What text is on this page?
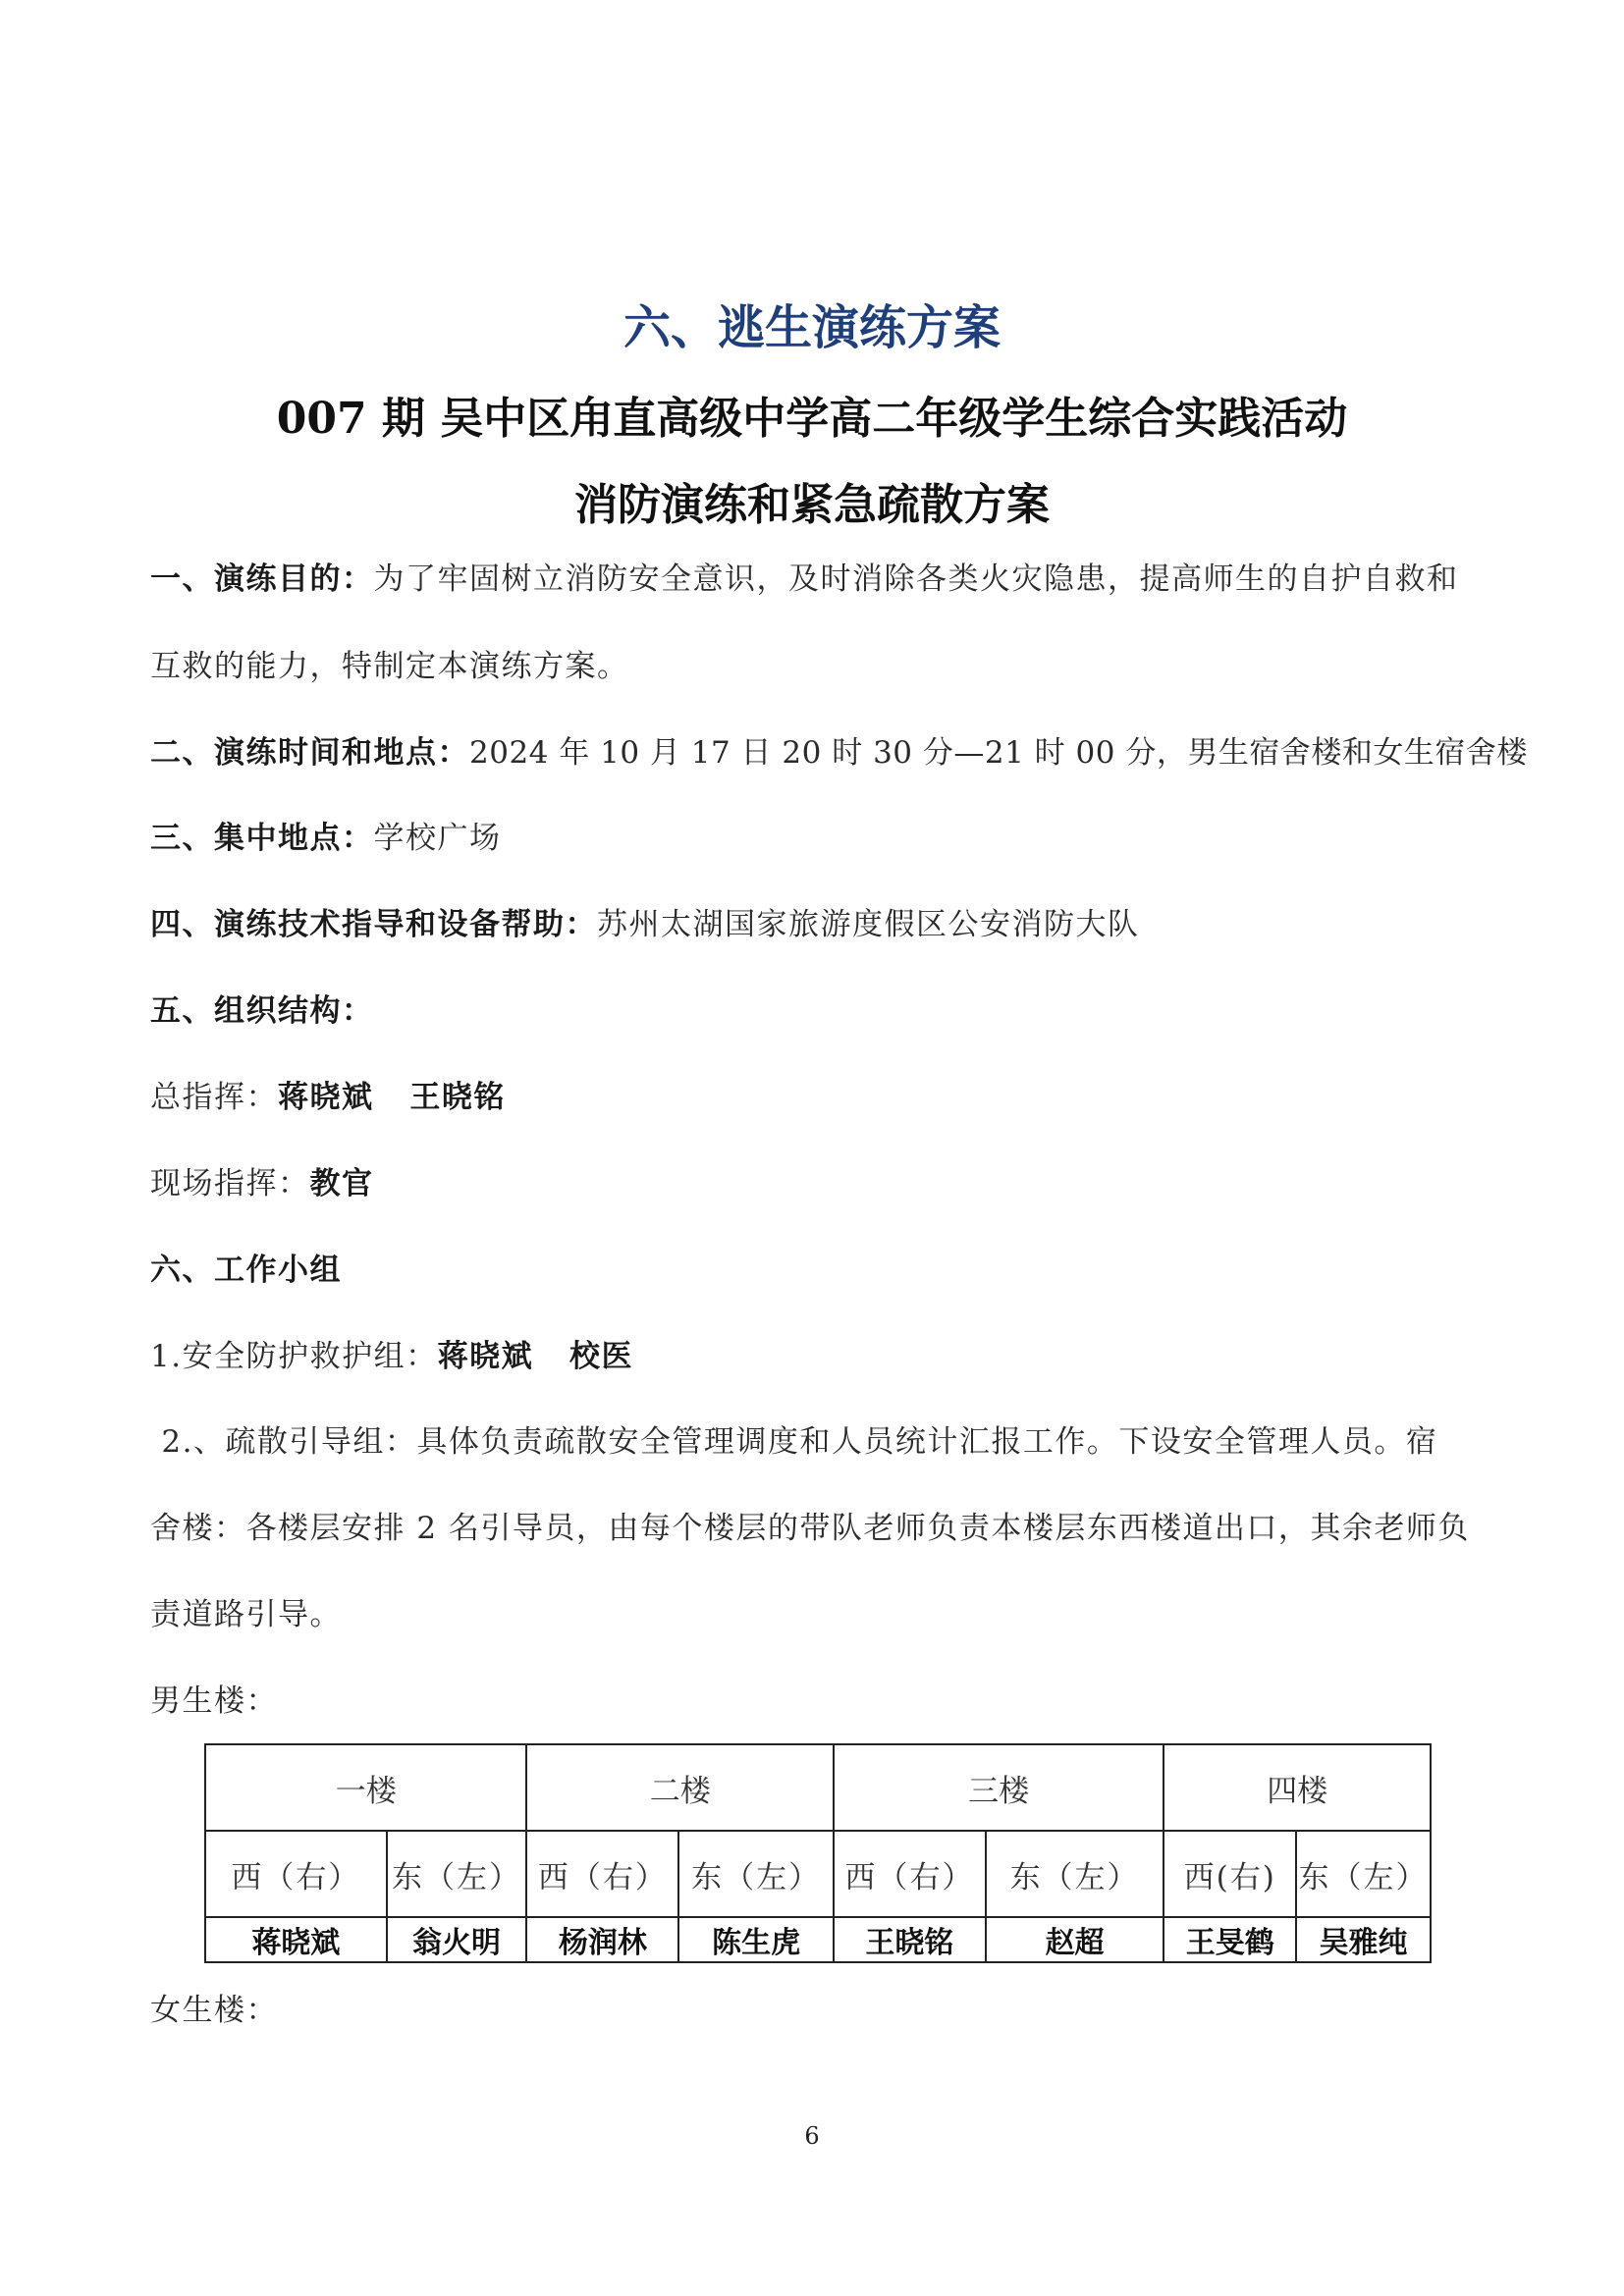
六、逃生演练方案
007 期 吴中区甪直高级中学高二年级学生综合实践活动
消防演练和紧急疏散方案
一、演练目的：为了牢固树立消防安全意识，及时消除各类火灾隐患，提高师生的自护自救和
互救的能力，特制定本演练方案。
二、演练时间和地点：2024 年 10 月 17 日 20 时 30 分—21 时 00 分，男生宿舍楼和女生宿舍楼
三、集中地点：学校广场
四、演练技术指导和设备帮助：苏州太湖国家旅游度假区公安消防大队
五、组织结构：
总指挥：蒋晓斌   王晓铭
现场指挥：教官
六、工作小组
1.安全防护救护组：蒋晓斌   校医
2.、疏散引导组：具体负责疏散安全管理调度和人员统计汇报工作。下设安全管理人员。宿
舍楼：各楼层安排 2 名引导员，由每个楼层的带队老师负责本楼层东西楼道出口，其余老师负
责道路引导。
男生楼：
一楼		二楼		三楼		四楼	
西（右）	东（左）	西（右）	东（左）	西（右）	东（左）	西(右)	东（左）
蒋晓斌	翁火明	杨润林	陈生虎	王晓铭	赵超	王旻鹤	吴雅纯
女生楼：
6
